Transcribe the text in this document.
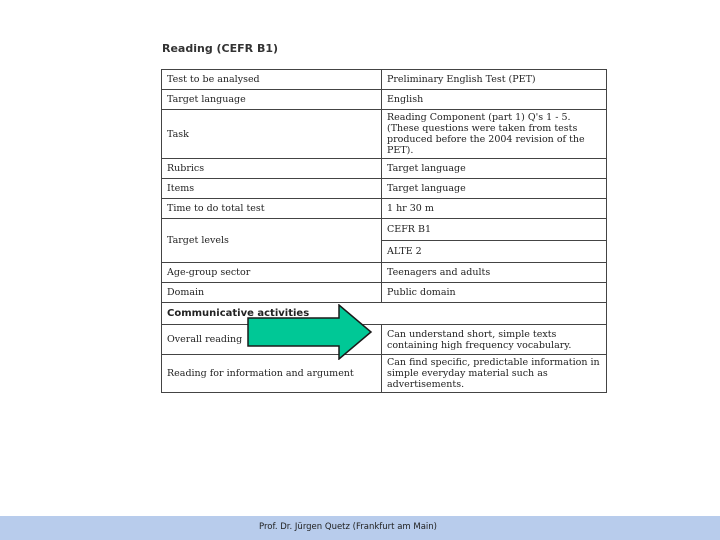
Reading (CEFR B1)
Test to be analysed	Preliminary English Test (PET)
Target language	English
Task	Reading Component (part 1) Q's 1 - 5. (These questions were taken from tests produced before the 2004 revision of the PET).
Rubrics	Target language
Items	Target language
Time to do total test	1 hr 30 m
Target levels	CEFR B1
	ALTE 2
Age-group sector	Teenagers and adults
Domain	Public domain
Communicative activities	
Overall reading	Can understand short, simple texts containing high frequency vocabulary.
Reading for information and argument	Can find specific, predictable information in simple everyday material such as advertisements.
Prof. Dr. Jürgen Quetz (Frankfurt am Main)
